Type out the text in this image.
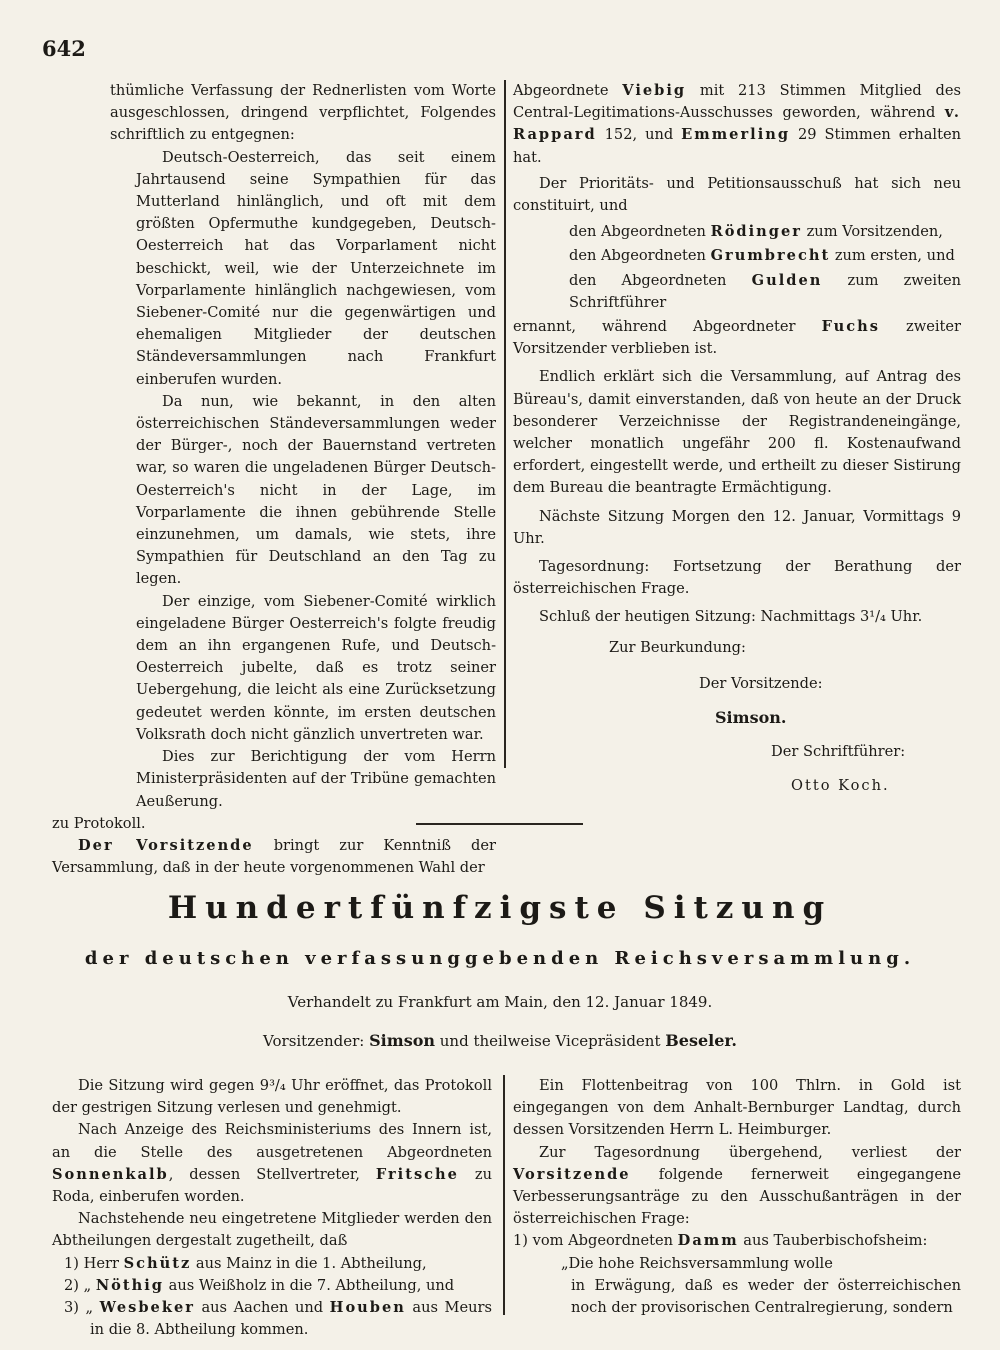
642

thümliche Verfassung der Rednerlisten vom Worte ausgeschlossen, dringend verpflichtet, Folgendes schriftlich zu entgegnen:

Deutsch-Oesterreich, das seit einem Jahrtausend seine Sympathien für das Mutterland hinlänglich, und oft mit dem größten Opfermuthe kundgegeben, Deutsch-Oesterreich hat das Vorparlament nicht beschickt, weil, wie der Unterzeichnete im Vorparlamente hinlänglich nachgewiesen, vom Siebener-Comité nur die gegenwärtigen und ehemaligen Mitglieder der deutschen Ständeversammlungen nach Frankfurt einberufen wurden.

Da nun, wie bekannt, in den alten österreichischen Ständeversammlungen weder der Bürger-, noch der Bauernstand vertreten war, so waren die ungeladenen Bürger Deutsch-Oesterreich's nicht in der Lage, im Vorparlamente die ihnen gebührende Stelle einzunehmen, um damals, wie stets, ihre Sympathien für Deutschland an den Tag zu legen.

Der einzige, vom Siebener-Comité wirklich eingeladene Bürger Oesterreich's folgte freudig dem an ihn ergangenen Rufe, und Deutsch-Oesterreich jubelte, daß es trotz seiner Uebergehung, die leicht als eine Zurücksetzung gedeutet werden könnte, im ersten deutschen Volksrath doch nicht gänzlich unvertreten war.

Dies zur Berichtigung der vom Herrn Ministerpräsidenten auf der Tribüne gemachten Aeußerung.

zu Protokoll.

Der Vorsitzende bringt zur Kenntniß der Versammlung, daß in der heute vorgenommenen Wahl der

Abgeordnete Viebig mit 213 Stimmen Mitglied des Central-Legitimations-Ausschusses geworden, während v. Rappard 152, und Emmerling 29 Stimmen erhalten hat.

Der Prioritäts- und Petitionsausschuß hat sich neu constituirt, und

den Abgeordneten Rödinger zum Vorsitzenden,

den Abgeordneten Grumbrecht zum ersten, und

den Abgeordneten Gulden zum zweiten Schriftführer

ernannt, während Abgeordneter Fuchs zweiter Vorsitzender verblieben ist.

Endlich erklärt sich die Versammlung, auf Antrag des Büreau's, damit einverstanden, daß von heute an der Druck besonderer Verzeichnisse der Registrandeneingänge, welcher monatlich ungefähr 200 fl. Kostenaufwand erfordert, eingestellt werde, und ertheilt zu dieser Sistirung dem Bureau die beantragte Ermächtigung.

Nächste Sitzung Morgen den 12. Januar, Vormittags 9 Uhr.

Tagesordnung: Fortsetzung der Berathung der österreichischen Frage.

Schluß der heutigen Sitzung: Nachmittags 3¹/₄ Uhr.

Zur Beurkundung:

Der Vorsitzende:

Simson.

Der Schriftführer:

Otto Koch.

Hundertfünfzigste Sitzung
der deutschen verfassunggebenden Reichsversammlung.
Verhandelt zu Frankfurt am Main, den 12. Januar 1849.
Vorsitzender: Simson und theilweise Vicepräsident Beseler.

Die Sitzung wird gegen 9³/₄ Uhr eröffnet, das Protokoll der gestrigen Sitzung verlesen und genehmigt.

Nach Anzeige des Reichsministeriums des Innern ist, an die Stelle des ausgetretenen Abgeordneten Sonnenkalb, dessen Stellvertreter, Fritsche zu Roda, einberufen worden.

Nachstehende neu eingetretene Mitglieder werden den Abtheilungen dergestalt zugetheilt, daß

1) Herr Schütz aus Mainz in die 1. Abtheilung,

2) „ Nöthig aus Weißholz in die 7. Abtheilung, und

3) „ Wesbeker aus Aachen und Houben aus Meurs in die 8. Abtheilung kommen.

Ein Flottenbeitrag von 100 Thlrn. in Gold ist eingegangen von dem Anhalt-Bernburger Landtag, durch dessen Vorsitzenden Herrn L. Heimburger.

Zur Tagesordnung übergehend, verliest der Vorsitzende folgende fernerweit eingegangene Verbesserungsanträge zu den Ausschußanträgen in der österreichischen Frage:

1) vom Abgeordneten Damm aus Tauberbischofsheim:

„Die hohe Reichsversammlung wolle

in Erwägung, daß es weder der österreichischen noch der provisorischen Centralregierung, sondern
